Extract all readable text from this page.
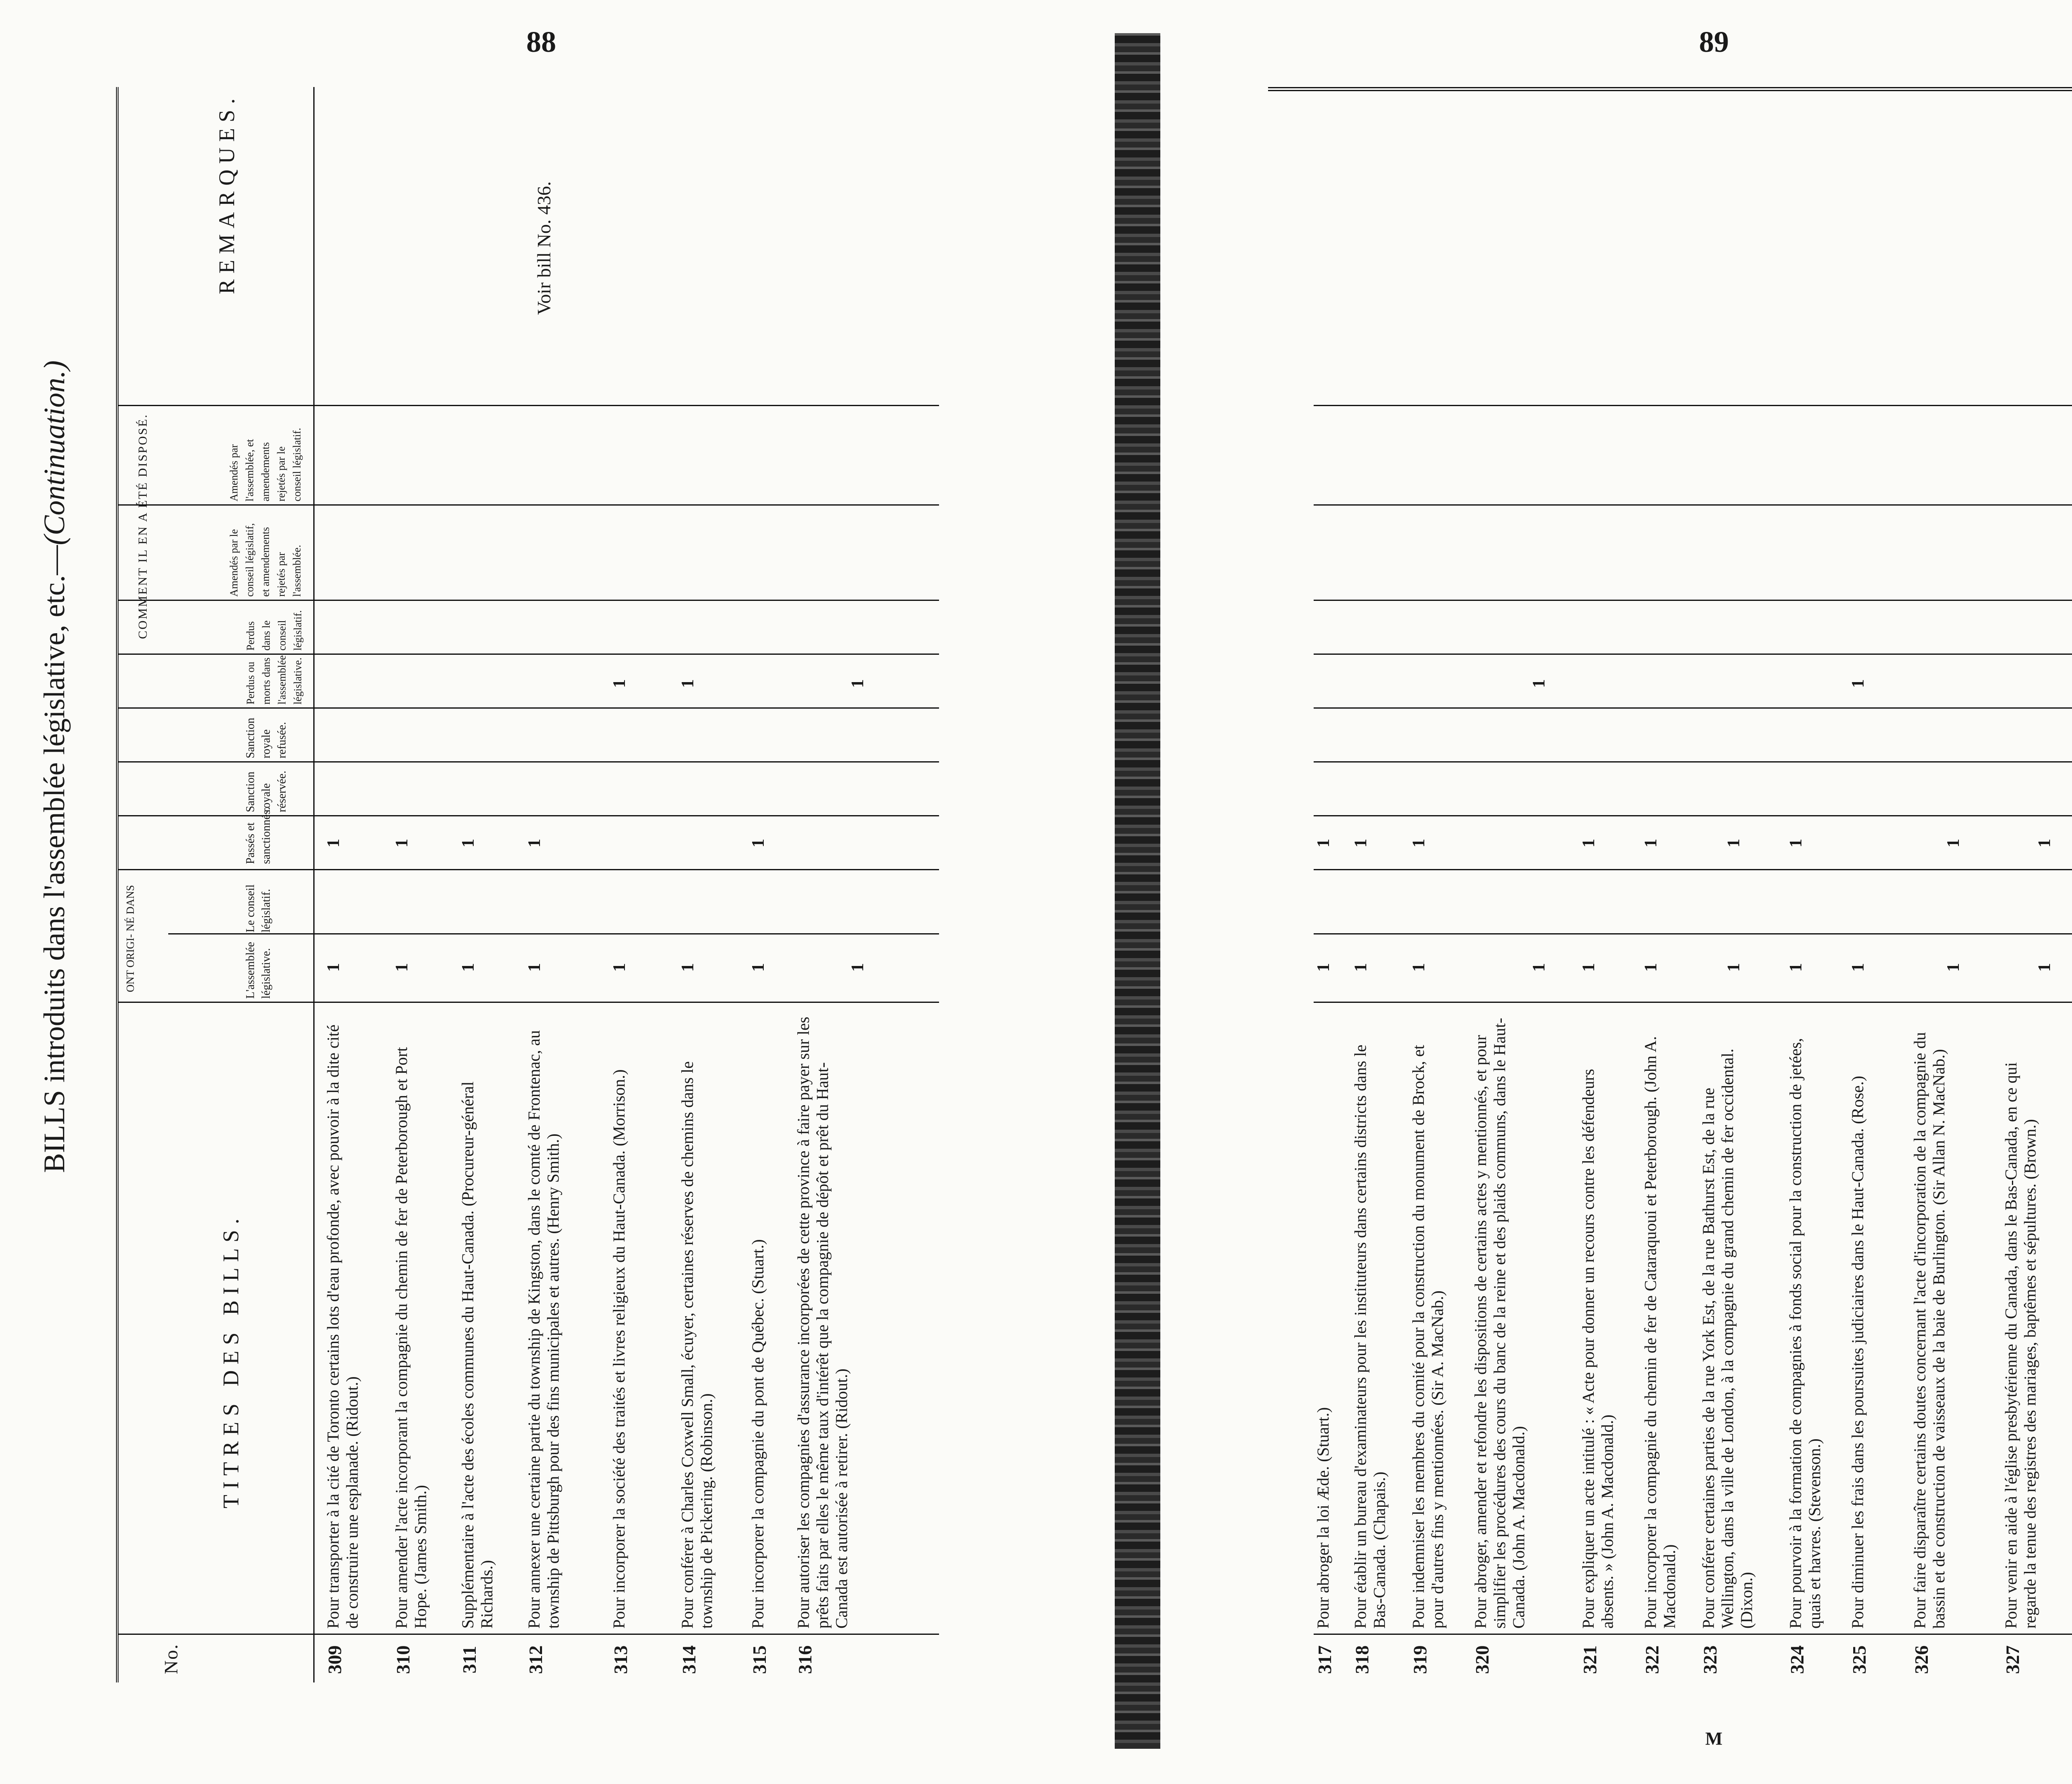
88
BILLS introduits dans l'assemblée législative, etc.—(Continuation.)
No.
TITRES DES BILLS.
ONT ORIGI- NÉ DANS	L'assemblée législative.
Le conseil législatif.
Passés et sanctionnés.
Sanction royale réservée.
Sanction royale refusée.
Perdus ou morts dans l'assemblée législative.
Perdus dans le conseil législatif.
Amendés par le conseil législatif, et amendements rejetés par l'assemblée.
Amendés par l'assemblée, et amendements rejetés par le conseil législatif.
COMMENT IL EN A ÉTÉ DISPOSÉ.
REMARQUES.
309
Pour transporter à la cité de Toronto certains lots d'eau profonde, avec pouvoir à la dite cité de construire une esplanade. (Ridout.)
1
1
310
Pour amender l'acte incorporant la compagnie du chemin de fer de Peterborough et Port Hope. (James Smith.)
1
1
311
Supplémentaire à l'acte des écoles communes du Haut-Canada. (Procureur-général Richards.)
1
1
312
Pour annexer une certaine partie du township de Kingston, dans le comté de Frontenac, au township de Pittsburgh pour des fins municipales et autres. (Henry Smith.)
1
1
Voir bill No. 436.
313
Pour incorporer la société des traités et livres religieux du Haut-Canada. (Morrison.)
1
1
314
Pour conférer à Charles Coxwell Small, écuyer, certaines réserves de chemins dans le township de Pickering. (Robinson.)
1
1
315
Pour incorporer la compagnie du pont de Québec. (Stuart.)
1
1
316
Pour autoriser les compagnies d'assurance incorporées de cette province à faire payer sur les prêts faits par elles le même taux d'intérêt que la compagnie de dépôt et prêt du Haut-Canada est autorisée à retirer. (Ridout.)
1
1
89
317
Pour abroger la loi Æde. (Stuart.)
1
1
318
Pour établir un bureau d'examinateurs pour les instituteurs dans certains districts dans le Bas-Canada. (Chapais.)
1
1
319
Pour indemniser les membres du comité pour la construction du monument de Brock, et pour d'autres fins y mentionnées. (Sir A. MacNab.)
1
1
320
Pour abroger, amender et refondre les dispositions de certains actes y mentionnés, et pour simplifier les procédures des cours du banc de la reine et des plaids communs, dans le Haut-Canada. (John A. Macdonald.)
1
1
321
Pour expliquer un acte intitulé : « Acte pour donner un recours contre les défendeurs absents. » (John A. Macdonald.)
1
1
322
Pour incorporer la compagnie du chemin de fer de Cataraquoui et Peterborough. (John A. Macdonald.)
1
1
323
Pour conférer certaines parties de la rue York Est, de la rue Bathurst Est, de la rue Wellington, dans la ville de London, à la compagnie du grand chemin de fer occidental. (Dixon.)
1
1
324
Pour pourvoir à la formation de compagnies à fonds social pour la construction de jetées, quais et havres. (Stevenson.)
1
1
325
Pour diminuer les frais dans les poursuites judiciaires dans le Haut-Canada. (Rose.)
1
1
326
Pour faire disparaître certains doutes concernant l'acte d'incorporation de la compagnie du bassin et de construction de vaisseaux de la baie de Burlington. (Sir Allan N. MacNab.)
1
1
327
Pour venir en aide à l'église presbytérienne du Canada, dans le Bas-Canada, en ce qui regarde la tenue des registres des mariages, baptêmes et sépultures. (Brown.)
1
1
M
